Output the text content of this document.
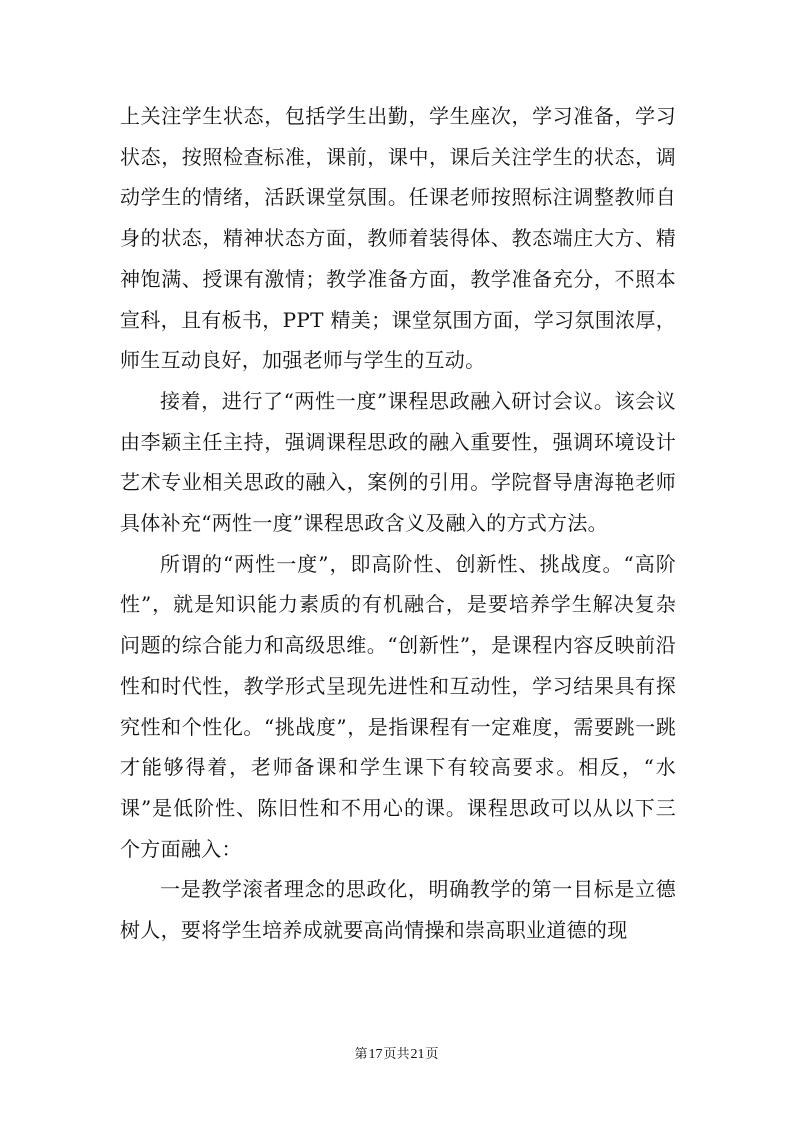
上关注学生状态，包括学生出勤，学生座次，学习准备，学习状态，按照检查标准，课前，课中，课后关注学生的状态，调动学生的情绪，活跃课堂氛围。任课老师按照标注调整教师自身的状态，精神状态方面，教师着装得体、教态端庄大方、精神饱满、授课有激情；教学准备方面，教学准备充分，不照本宣科，且有板书，PPT 精美；课堂氛围方面，学习氛围浓厚，师生互动良好，加强老师与学生的互动。

接着，进行了“两性一度”课程思政融入研讨会议。该会议由李颖主任主持，强调课程思政的融入重要性，强调环境设计艺术专业相关思政的融入，案例的引用。学院督导唐海艳老师具体补充“两性一度”课程思政含义及融入的方式方法。

所谓的“两性一度”，即高阶性、创新性、挑战度。“高阶性”，就是知识能力素质的有机融合，是要培养学生解决复杂问题的综合能力和高级思维。“创新性”，是课程内容反映前沿性和时代性，教学形式呈现先进性和互动性，学习结果具有探究性和个性化。“挑战度”，是指课程有一定难度，需要跳一跳才能够得着，老师备课和学生课下有较高要求。相反，“水课”是低阶性、陈旧性和不用心的课。课程思政可以从以下三个方面融入：

一是教学滚者理念的思政化，明确教学的第一目标是立德树人，要将学生培养成就要高尚情操和崇高职业道德的现

第17页共21页
